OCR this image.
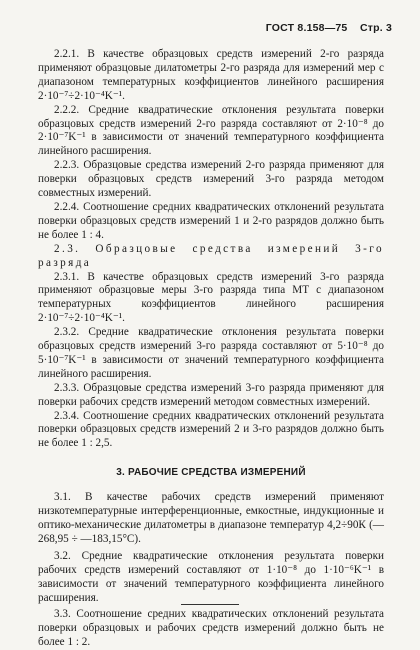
ГОСТ 8.158—75 Стр. 3

2.2.1. В качестве образцовых средств измерений 2-го разряда применяют образцовые дилатометры 2-го разряда для измерений мер с диапазоном температурных коэффициентов линейного расширения 2·10⁻⁷÷2·10⁻⁴K⁻¹.

2.2.2. Средние квадратические отклонения результата поверки образцовых средств измерений 2-го разряда составляют от 2·10⁻⁸ до 2·10⁻⁷K⁻¹ в зависимости от значений температурного коэффициента линейного расширения.

2.2.3. Образцовые средства измерений 2-го разряда применяют для поверки образцовых средств измерений 3-го разряда методом совместных измерений.

2.2.4. Соотношение средних квадратических отклонений результата поверки образцовых средств измерений 1 и 2-го разрядов должно быть не более 1 : 4.

2.3. Образцовые средства измерений 3-го разряда

2.3.1. В качестве образцовых средств измерений 3-го разряда применяют образцовые меры 3-го разряда типа МТ с диапазоном температурных коэффициентов линейного расширения 2·10⁻⁷÷2·10⁻⁴K⁻¹.

2.3.2. Средние квадратические отклонения результата поверки образцовых средств измерений 3-го разряда составляют от 5·10⁻⁸ до 5·10⁻⁷K⁻¹ в зависимости от значений температурного коэффициента линейного расширения.

2.3.3. Образцовые средства измерений 3-го разряда применяют для поверки рабочих средств измерений методом совместных измерений.

2.3.4. Соотношение средних квадратических отклонений результата поверки образцовых средств измерений 2 и 3-го разрядов должно быть не более 1 : 2,5.

3. РАБОЧИЕ СРЕДСТВА ИЗМЕРЕНИЙ

3.1. В качестве рабочих средств измерений применяют низкотемпературные интерференционные, емкостные, индукционные и оптико-механические дилатометры в диапазоне температур 4,2÷90К (—268,95 ÷ —183,15°С).

3.2. Средние квадратические отклонения результата поверки рабочих средств измерений составляют от 1·10⁻⁸ до 1·10⁻⁶K⁻¹ в зависимости от значений температурного коэффициента линейного расширения.

3.3. Соотношение средних квадратических отклонений результата поверки образцовых и рабочих средств измерений должно быть не более 1 : 2.
